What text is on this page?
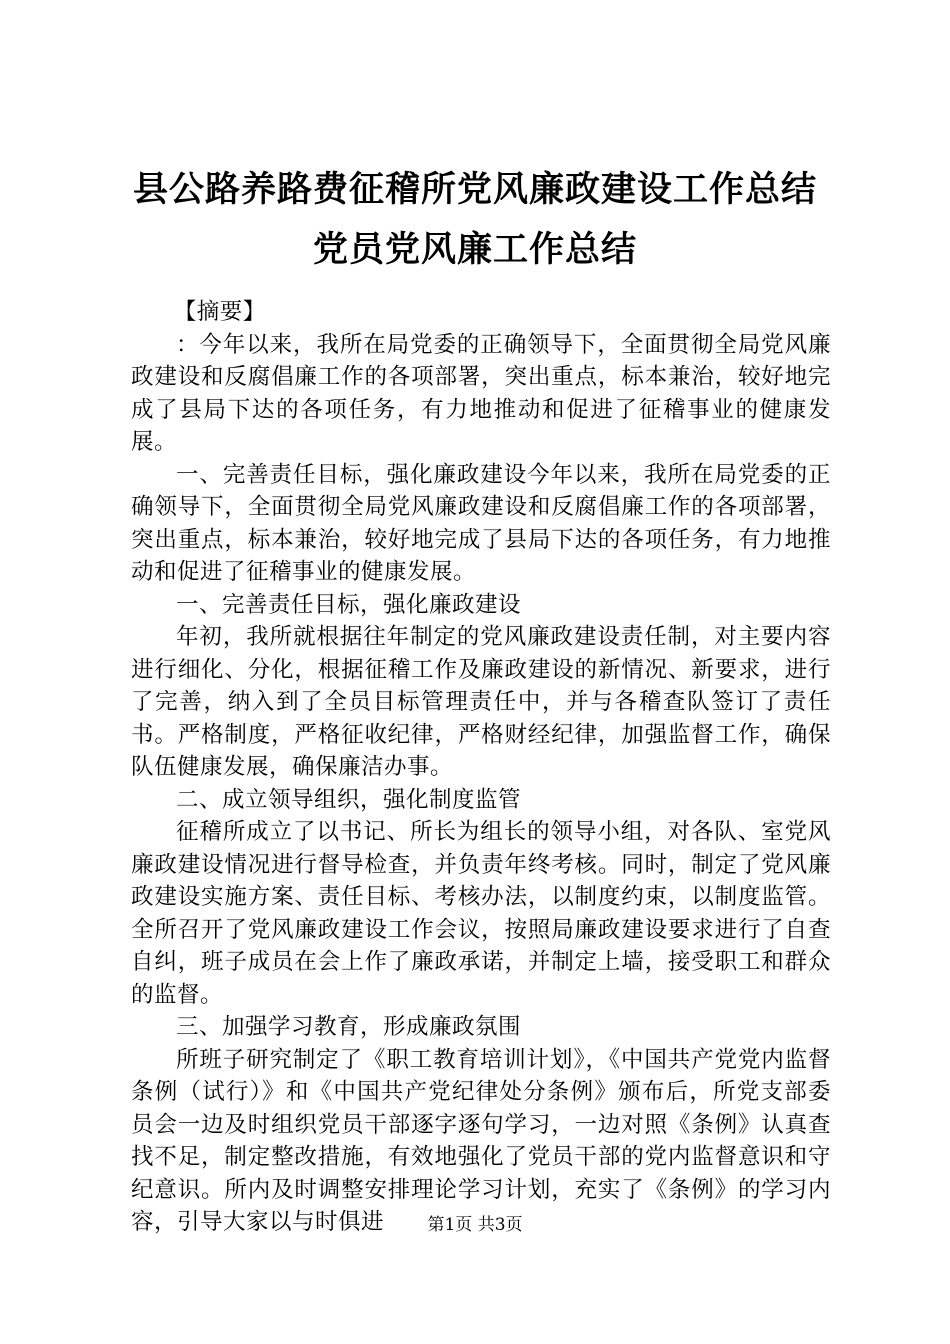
县公路养路费征稽所党风廉政建设工作总结党员党风廉工作总结

【摘要】

：今年以来，我所在局党委的正确领导下，全面贯彻全局党风廉政建设和反腐倡廉工作的各项部署，突出重点，标本兼治，较好地完成了县局下达的各项任务，有力地推动和促进了征稽事业的健康发展。

一、完善责任目标，强化廉政建设今年以来，我所在局党委的正确领导下，全面贯彻全局党风廉政建设和反腐倡廉工作的各项部署，突出重点，标本兼治，较好地完成了县局下达的各项任务，有力地推动和促进了征稽事业的健康发展。

一、完善责任目标，强化廉政建设

年初，我所就根据往年制定的党风廉政建设责任制，对主要内容进行细化、分化，根据征稽工作及廉政建设的新情况、新要求，进行了完善，纳入到了全员目标管理责任中，并与各稽查队签订了责任书。严格制度，严格征收纪律，严格财经纪律，加强监督工作，确保队伍健康发展，确保廉洁办事。

二、成立领导组织，强化制度监管

征稽所成立了以书记、所长为组长的领导小组，对各队、室党风廉政建设情况进行督导检查，并负责年终考核。同时，制定了党风廉政建设实施方案、责任目标、考核办法，以制度约束，以制度监管。全所召开了党风廉政建设工作会议，按照局廉政建设要求进行了自查自纠，班子成员在会上作了廉政承诺，并制定上墙，接受职工和群众的监督。

三、加强学习教育，形成廉政氛围

所班子研究制定了《职工教育培训计划》，《中国共产党党内监督条例（试行）》和《中国共产党纪律处分条例》颁布后，所党支部委员会一边及时组织党员干部逐字逐句学习，一边对照《条例》认真查找不足，制定整改措施，有效地强化了党员干部的党内监督意识和守纪意识。所内及时调整安排理论学习计划，充实了《条例》的学习内容，引导大家以与时俱进	第1页 共3页
